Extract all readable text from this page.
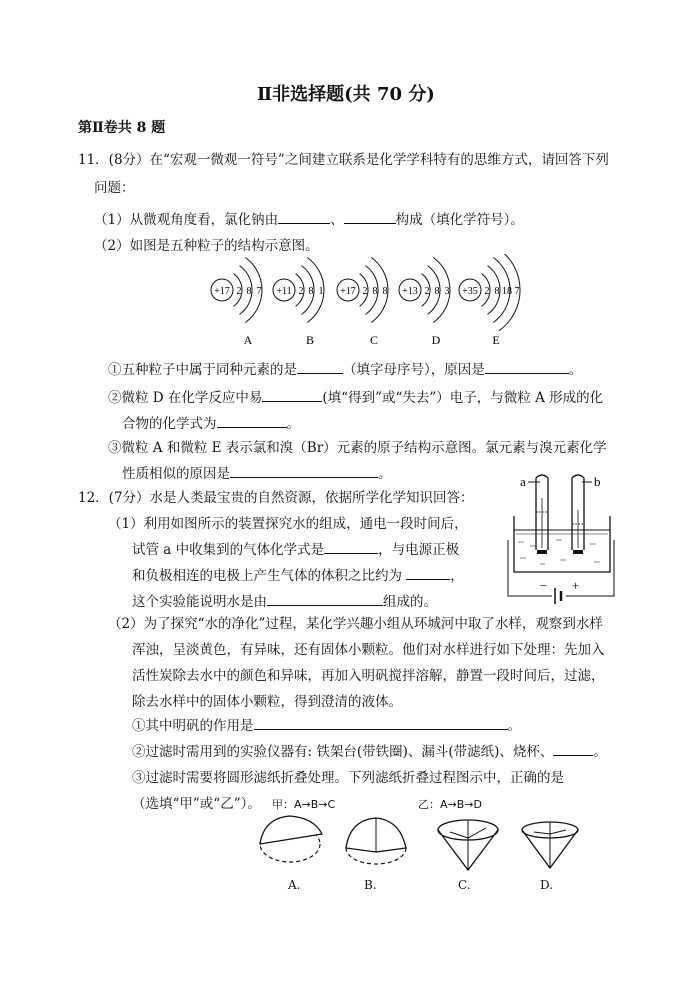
Ⅱ非选择题(共 70 分)
第Ⅱ卷共 8 题
11．(8分）在“宏观一微观一符号”之间建立联系是化学学科特有的思维方式，请回答下列
问题：
（1）从微观角度看，氯化钠由	、	构成（填化学符号）。
（2）如图是五种粒子的结构示意图。
+17 2 8 7
A
+11 2 8 1
B
+17 2 8 8
C
+13 2 8 3
D
+35 2 8 18 7
E
①五种粒子中属于同种元素的是	（填字母序号），原因是	。
②微粒 D 在化学反应中易	(填“得到”或“失去”）电子，与微粒 A 形成的化
合物的化学式为	。
③微粒 A 和微粒 E 表示氯和溴（Br）元素的原子结构示意图。氯元素与溴元素化学
性质相似的原因是	。
12．(7分）水是人类最宝贵的自然资源，依据所学化学知识回答：
（1）利用如图所示的装置探究水的组成，通电一段时间后，
试管 a 中收集到的气体化学式是	，与电源正极
和负极相连的电极上产生气体的体积之比约为	，
这个实验能说明水是由	组成的。
a	b
− +
（2）为了探究“水的净化”过程，某化学兴趣小组从环城河中取了水样，观察到水样
浑浊，呈淡黄色，有异味，还有固体小颗粒。他们对水样进行如下处理：先加入
活性炭除去水中的颜色和异味，再加入明矾搅拌溶解，静置一段时间后，过滤，
除去水样中的固体小颗粒，得到澄清的液体。
①其中明矾的作用是	。
②过滤时需用到的实验仪器有: 铁架台(带铁圈)、漏斗(带滤纸)、烧杯、	。
③过滤时需要将圆形滤纸折叠处理。下列滤纸折叠过程图示中，正确的是
（选填“甲”或“乙”）。 甲：A→B→C	乙：A→B→D
A.	B.	C.	D.
